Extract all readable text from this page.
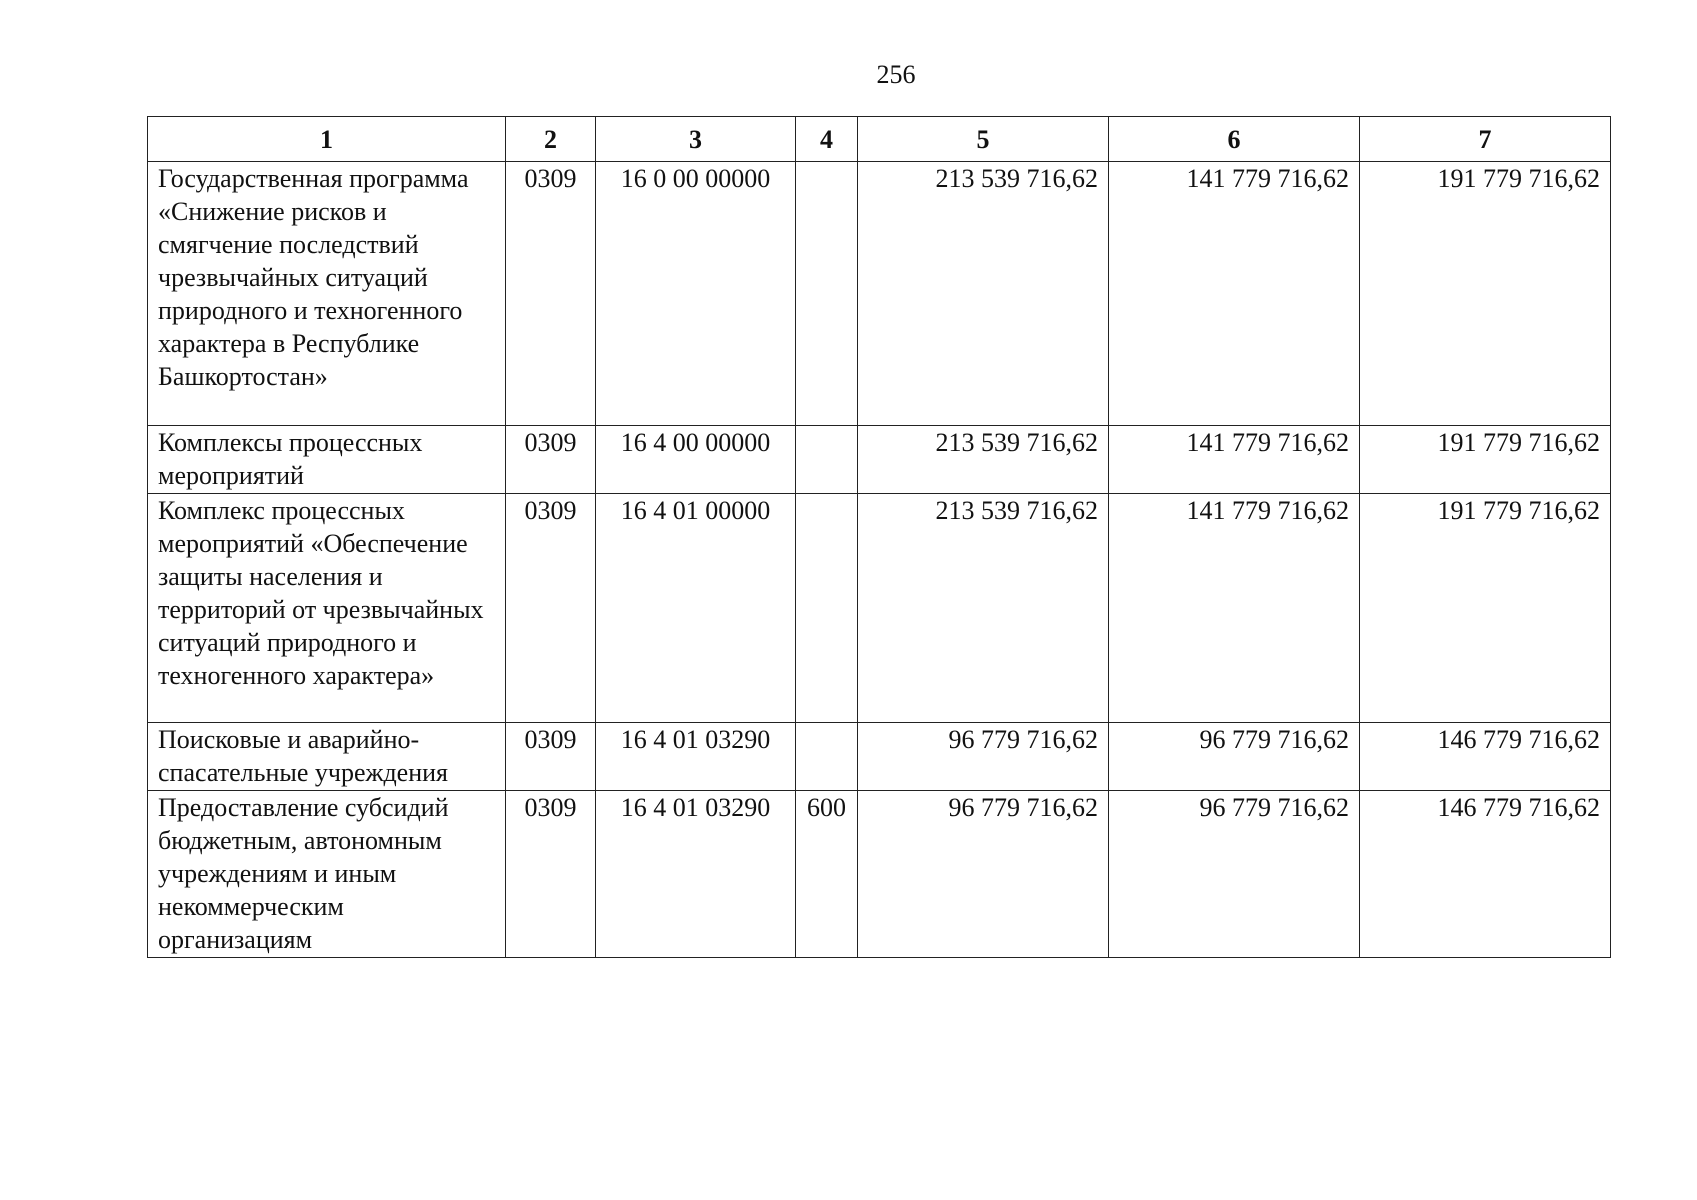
256
1	2	3	4	5	6	7
Государственная программа «Снижение рисков и смягчение последствий чрезвычайных ситуаций природного и техногенного характера в Республике Башкортостан»	0309	16 0 00 00000		213 539 716,62	141 779 716,62	191 779 716,62
Комплексы процессных мероприятий	0309	16 4 00 00000		213 539 716,62	141 779 716,62	191 779 716,62
Комплекс процессных мероприятий «Обеспечение защиты населения и территорий от чрезвычайных ситуаций природного и техногенного характера»	0309	16 4 01 00000		213 539 716,62	141 779 716,62	191 779 716,62
Поисковые и аварийно-спасательные учреждения	0309	16 4 01 03290		96 779 716,62	96 779 716,62	146 779 716,62
Предоставление субсидий бюджетным, автономным учреждениям и иным некоммерческим организациям	0309	16 4 01 03290	600	96 779 716,62	96 779 716,62	146 779 716,62
